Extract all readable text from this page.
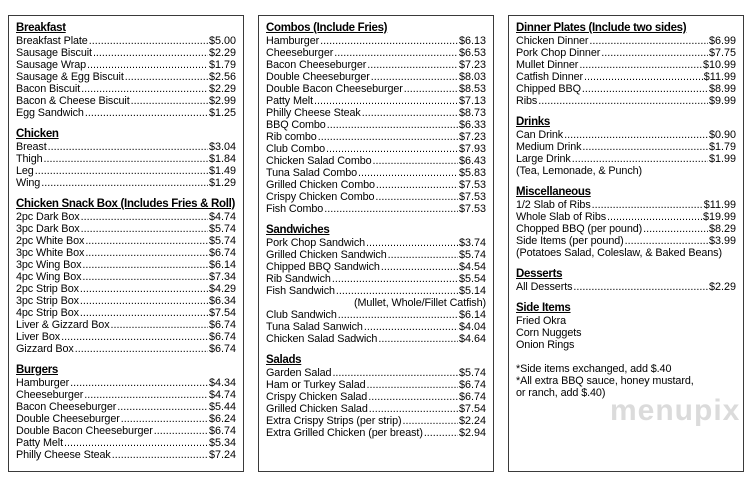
Breakfast
Breakfast Plate .....	$5.00
Sausage Biscuit .....	$2.29
Sausage Wrap .....	$1.79
Sausage & Egg Biscuit .....	$2.56
Bacon Biscuit .....	$2.29
Bacon & Cheese Biscuit .....	$2.99
Egg Sandwich .....	$1.25
Chicken
Breast .....	$3.04
Thigh .....	$1.84
Leg .....	$1.49
Wing .....	$1.29
Chicken Snack Box (Includes Fries & Roll)
2pc Dark Box .....	$4.74
3pc Dark Box .....	$5.74
2pc White Box .....	$5.74
3pc White Box .....	$6.74
3pc Wing Box .....	$6.14
4pc Wing Box .....	$7.34
2pc Strip Box .....	$4.29
3pc Strip Box .....	$6.34
4pc Strip Box .....	$7.54
Liver & Gizzard Box .....	$6.74
Liver Box .....	$6.74
Gizzard Box .....	$6.74
Burgers
Hamburger .....	$4.34
Cheeseburger .....	$4.74
Bacon Cheeseburger .....	$5.44
Double Cheeseburger .....	$6.24
Double Bacon Cheeseburger .....	$6.74
Patty Melt .....	$5.34
Philly Cheese Steak .....	$7.24
Combos (Include Fries)
Hamburger .....	$6.13
Cheeseburger .....	$6.53
Bacon Cheeseburger .....	$7.23
Double Cheeseburger .....	$8.03
Double Bacon Cheeseburger .....	$8.53
Patty Melt .....	$7.13
Philly Cheese Steak .....	$8.73
BBQ Combo .....	$6.33
Rib combo .....	$7.23
Club Combo .....	$7.93
Chicken Salad Combo .....	$6.43
Tuna Salad Combo .....	$5.83
Grilled Chicken Combo .....	$7.53
Crispy Chicken Combo .....	$7.53
Fish Combo .....	$7.53
Sandwiches
Pork Chop Sandwich .....	$3.74
Grilled Chicken Sandwich .....	$5.74
Chipped BBQ Sandwich .....	$4.54
Rib Sandwich .....	$5.54
Fish Sandwich .....	$5.14
(Mullet, Whole/Fillet Catfish)
Club Sandwich .....	$6.14
Tuna Salad Sanwich .....	$4.04
Chicken Salad Sadwich .....	$4.64
Salads
Garden Salad .....	$5.74
Ham or Turkey Salad .....	$6.74
Crispy Chicken Salad .....	$6.74
Grilled Chicken Salad .....	$7.54
Extra Crispy Strips (per strip) .....	$2.24
Extra Grilled Chicken (per breast) .....	$2.94
Dinner Plates (Include two sides)
Chicken Dinner .....	$6.99
Pork Chop Dinner .....	$7.75
Mullet Dinner .....	$10.99
Catfish Dinner .....	$11.99
Chipped BBQ .....	$8.99
Ribs .....	$9.99
Drinks
Can Drink .....	$0.90
Medium Drink .....	$1.79
Large Drink .....	$1.99
(Tea, Lemonade, & Punch)
Miscellaneous
1/2 Slab of Ribs .....	$11.99
Whole Slab of Ribs .....	$19.99
Chopped BBQ (per pound) .....	$8.29
Side Items (per pound) .....	$3.99
(Potatoes Salad, Coleslaw, & Baked Beans)
Desserts
All Desserts .....	$2.29
Side Items
Fried Okra
Corn Nuggets
Onion Rings
*Side items exchanged, add $.40
*All extra BBQ sauce, honey mustard,
or ranch, add $.40)
menupix
